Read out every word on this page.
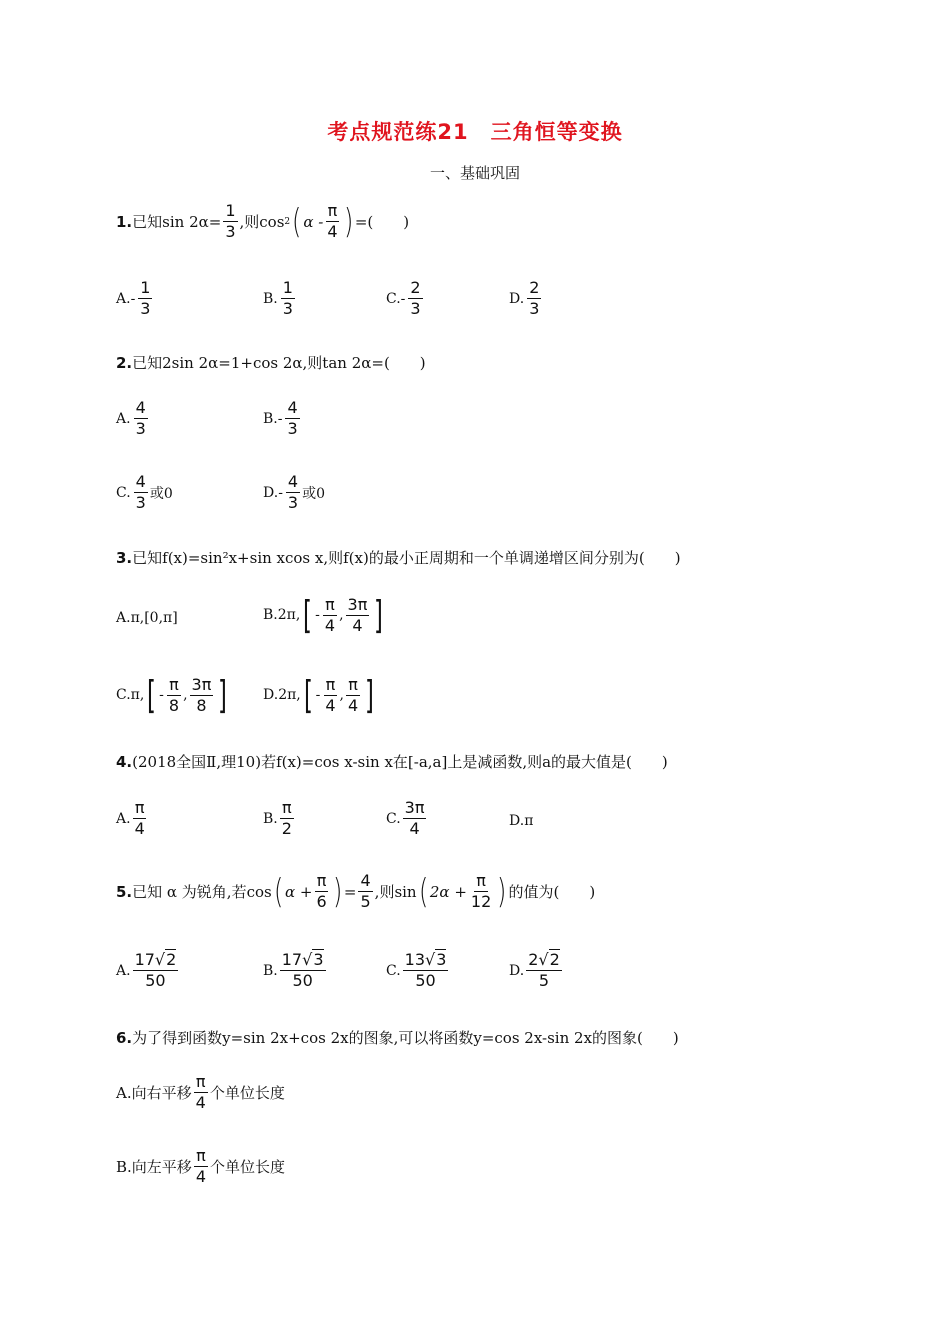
考点规范练21　三角恒等变换
一、基础巩固
1. 已知$\sin 2\alpha= \frac{1}{3}$ ,则cos 2 ( α - $\frac{\pi}{4}$ ) =(　　)
A. - $\frac{1}{3}$	B. $\frac{1}{3}$	C. - $\frac{2}{3}$	D. $\frac{2}{3}$
2. 已知2sin 2α=1+cos 2α,则tan 2α=(　　)
A. $\frac{4}{3}$	B. - $\frac{4}{3}$
C. $\frac{4}{3}$ 或0	D. - $\frac{4}{3}$ 或0
3. 已知f(x)=sin²x+sin xcos x,则f(x)的最小正周期和一个单调递增区间分别为(　　)
A. π,[0,π]	B. 2π, [ - $\frac{\pi}{4}$ , $\frac{3\pi}{4}$ ]
C. π, [ - $\frac{\pi}{8}$ , $\frac{3\pi}{8}$ ]	D. 2π, [ - $\frac{\pi}{4}$ , $\frac{\pi}{4}$ ]
4. (2018全国Ⅱ,理10)若f(x)=cos x-sin x在[-a,a]上是减函数,则a的最大值是(　　)
A. $\frac{\pi}{4}$	B. $\frac{\pi}{2}$	C. $\frac{3\pi}{4}$	D. π
5. 已知 α 为锐角,若cos ( $\alpha + \frac{\pi}{6}$ ) = $\frac{4}{5}$ ,则sin ( $2\alpha + \frac{\pi}{12}$ ) 的值为(　　)
A. $\frac{17√2}{50}$	B. $\frac{17√3}{50}$	C. $\frac{13√3}{50}$	D. $\frac{2√2}{5}$
6. 为了得到函数y=sin 2x+cos 2x的图象,可以将函数y=cos 2x-sin 2x的图象(　　)
A. 向右平移 $\frac{\pi}{4}$ 个单位长度
B. 向左平移 $\frac{\pi}{4}$ 个单位长度
